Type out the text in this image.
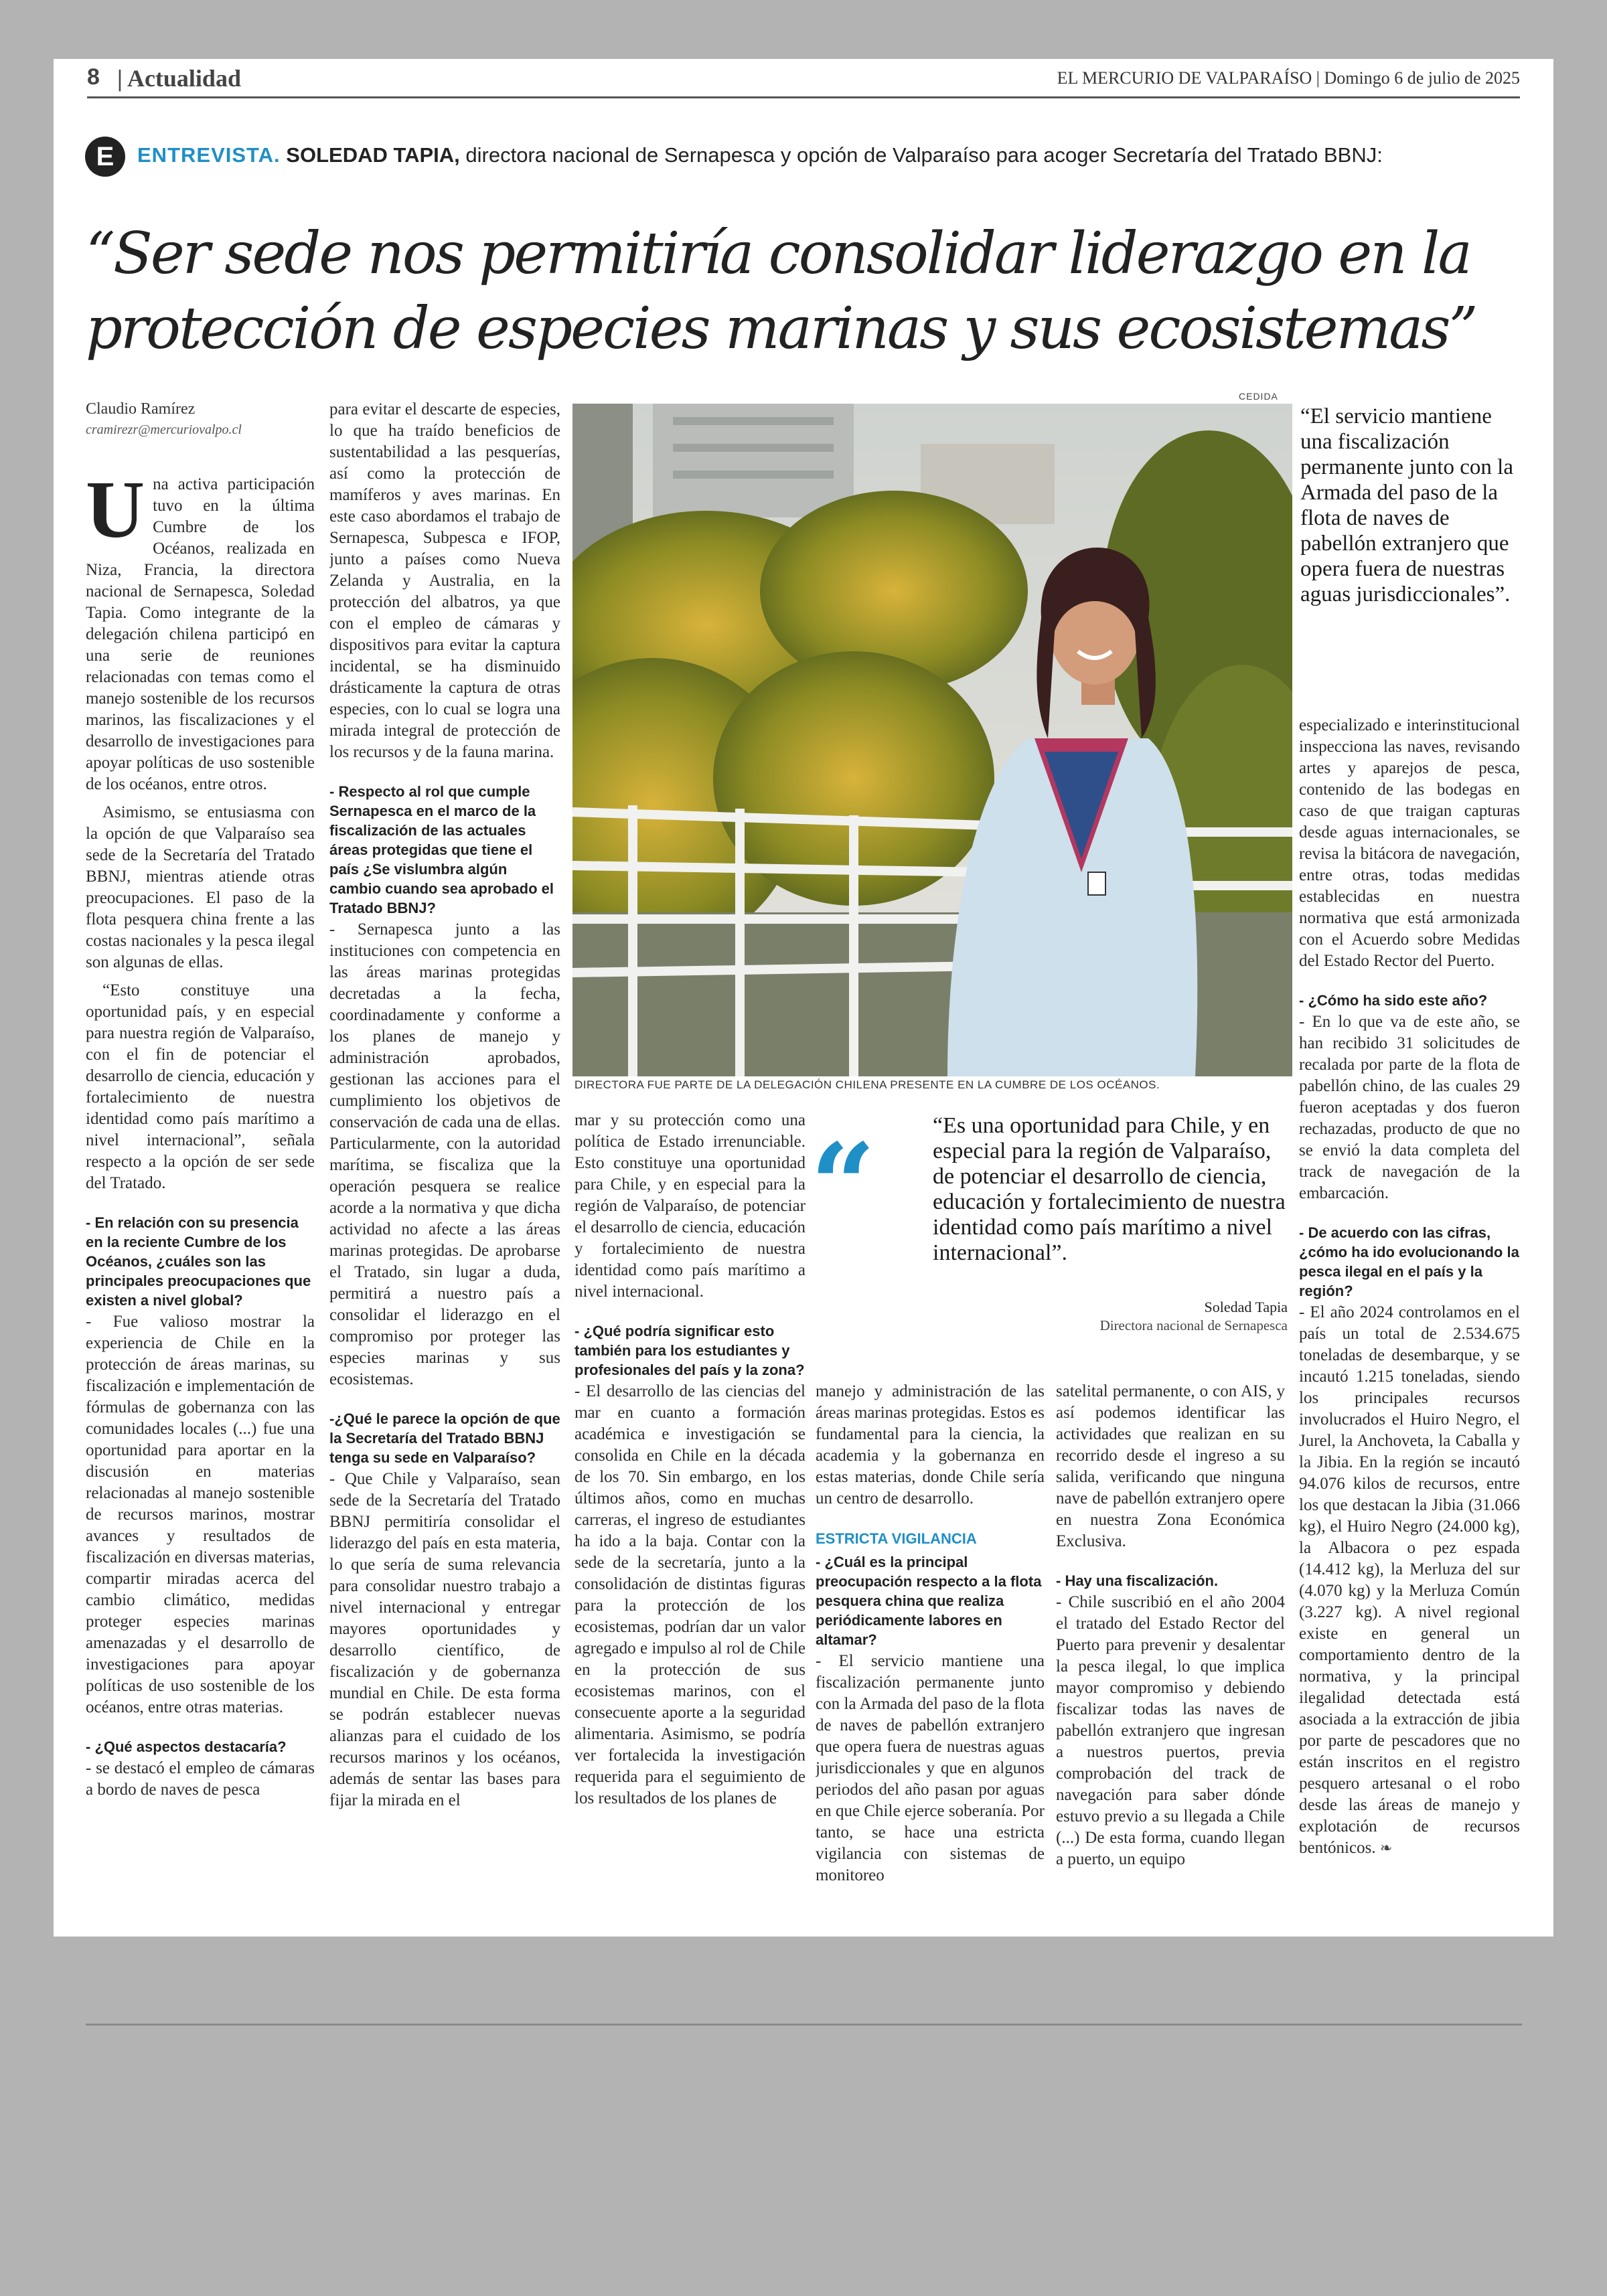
8 | Actualidad	EL MERCURIO DE VALPARAÍSO | Domingo 6 de julio de 2025
E	ENTREVISTA. SOLEDAD TAPIA, directora nacional de Sernapesca y opción de Valparaíso para acoger Secretaría del Tratado BBNJ:
“Ser sede nos permitiría consolidar liderazgo en la
protección de especies marinas y sus ecosistemas”
Claudio Ramírez
cramirezr@mercuriovalpo.cl

Una activa participación tuvo en la última Cumbre de los Océanos, realizada en Niza, Francia, la directora nacional de Sernapesca, Soledad Tapia. Como integrante de la delegación chilena participó en una serie de reuniones relacionadas con temas como el manejo sostenible de los recursos marinos, las fiscalizaciones y el desarrollo de investigaciones para apoyar políticas de uso sostenible de los océanos, entre otros.

Asimismo, se entusiasma con la opción de que Valparaíso sea sede de la Secretaría del Tratado BBNJ, mientras atiende otras preocupaciones. El paso de la flota pesquera china frente a las costas nacionales y la pesca ilegal son algunas de ellas.

“Esto constituye una oportunidad país, y en especial para nuestra región de Valparaíso, con el fin de potenciar el desarrollo de ciencia, educación y fortalecimiento de nuestra identidad como país marítimo a nivel internacional”, señala respecto a la opción de ser sede del Tratado.

- En relación con su presencia en la reciente Cumbre de los Océanos, ¿cuáles son las principales preocupaciones que existen a nivel global?

- Fue valioso mostrar la experiencia de Chile en la protección de áreas marinas, su fiscalización e implementación de fórmulas de gobernanza con las comunidades locales (...) fue una oportunidad para aportar en la discusión en materias relacionadas al manejo sostenible de recursos marinos, mostrar avances y resultados de fiscalización en diversas materias, compartir miradas acerca del cambio climático, medidas proteger especies marinas amenazadas y el desarrollo de investigaciones para apoyar políticas de uso sostenible de los océanos, entre otras materias.

- ¿Qué aspectos destacaría?

- se destacó el empleo de cámaras a bordo de naves de pesca

para evitar el descarte de especies, lo que ha traído beneficios de sustentabilidad a las pesquerías, así como la protección de mamíferos y aves marinas. En este caso abordamos el trabajo de Sernapesca, Subpesca e IFOP, junto a países como Nueva Zelanda y Australia, en la protección del albatros, ya que con el empleo de cámaras y dispositivos para evitar la captura incidental, se ha disminuido drásticamente la captura de otras especies, con lo cual se logra una mirada integral de protección de los recursos y de la fauna marina.

- Respecto al rol que cumple Sernapesca en el marco de la fiscalización de las actuales áreas protegidas que tiene el país ¿Se vislumbra algún cambio cuando sea aprobado el Tratado BBNJ?

- Sernapesca junto a las instituciones con competencia en las áreas marinas protegidas decretadas a la fecha, coordinadamente y conforme a los planes de manejo y administración aprobados, gestionan las acciones para el cumplimiento los objetivos de conservación de cada una de ellas. Particularmente, con la autoridad marítima, se fiscaliza que la operación pesquera se realice acorde a la normativa y que dicha actividad no afecte a las áreas marinas protegidas. De aprobarse el Tratado, sin lugar a duda, permitirá a nuestro país a consolidar el liderazgo en el compromiso por proteger las especies marinas y sus ecosistemas.

-¿Qué le parece la opción de que la Secretaría del Tratado BBNJ tenga su sede en Valparaíso?

- Que Chile y Valparaíso, sean sede de la Secretaría del Tratado BBNJ permitiría consolidar el liderazgo del país en esta materia, lo que sería de suma relevancia para consolidar nuestro trabajo a nivel internacional y entregar mayores oportunidades y desarrollo científico, de fiscalización y de gobernanza mundial en Chile. De esta forma se podrán establecer nuevas alianzas para el cuidado de los recursos marinos y los océanos, además de sentar las bases para fijar la mirada en el

CEDIDA
DIRECTORA FUE PARTE DE LA DELEGACIÓN CHILENA PRESENTE EN LA CUMBRE DE LOS OCÉANOS.

“El servicio mantiene una fiscalización permanente junto con la Armada del paso de la flota de naves de pabellón extranjero que opera fuera de nuestras aguas jurisdiccionales”.

mar y su protección como una política de Estado irrenunciable. Esto constituye una oportunidad para Chile, y en especial para la región de Valparaíso, de potenciar el desarrollo de ciencia, educación y fortalecimiento de nuestra identidad como país marítimo a nivel internacional.

- ¿Qué podría significar esto también para los estudiantes y profesionales del país y la zona?

- El desarrollo de las ciencias del mar en cuanto a formación académica e investigación se consolida en Chile en la década de los 70. Sin embargo, en los últimos años, como en muchas carreras, el ingreso de estudiantes ha ido a la baja. Contar con la sede de la secretaría, junto a la consolidación de distintas figuras para la protección de los ecosistemas, podrían dar un valor agregado e impulso al rol de Chile en la protección de sus ecosistemas marinos, con el consecuente aporte a la seguridad alimentaria. Asimismo, se podría ver fortalecida la investigación requerida para el seguimiento de los resultados de los planes de

“	“Es una oportunidad para Chile, y en especial para la región de Valparaíso, de potenciar el desarrollo de ciencia, educación y fortalecimiento de nuestra identidad como país marítimo a nivel internacional”.

Soledad Tapia
Directora nacional de Sernapesca

manejo y administración de las áreas marinas protegidas. Estos es fundamental para la ciencia, la academia y la gobernanza en estas materias, donde Chile sería un centro de desarrollo.

ESTRICTA VIGILANCIA

- ¿Cuál es la principal preocupación respecto a la flota pesquera china que realiza periódicamente labores en altamar?

- El servicio mantiene una fiscalización permanente junto con la Armada del paso de la flota de naves de pabellón extranjero que opera fuera de nuestras aguas jurisdiccionales y que en algunos periodos del año pasan por aguas en que Chile ejerce soberanía. Por tanto, se hace una estricta vigilancia con sistemas de monitoreo

satelital permanente, o con AIS, y así podemos identificar las actividades que realizan en su recorrido desde el ingreso a su salida, verificando que ninguna nave de pabellón extranjero opere en nuestra Zona Económica Exclusiva.

- Hay una fiscalización.

- Chile suscribió en el año 2004 el tratado del Estado Rector del Puerto para prevenir y desalentar la pesca ilegal, lo que implica mayor compromiso y debiendo fiscalizar todas las naves de pabellón extranjero que ingresan a nuestros puertos, previa comprobación del track de navegación para saber dónde estuvo previo a su llegada a Chile (...) De esta forma, cuando llegan a puerto, un equipo

especializado e interinstitucional inspecciona las naves, revisando artes y aparejos de pesca, contenido de las bodegas en caso de que traigan capturas desde aguas internacionales, se revisa la bitácora de navegación, entre otras, todas medidas establecidas en nuestra normativa que está armonizada con el Acuerdo sobre Medidas del Estado Rector del Puerto.

- ¿Cómo ha sido este año?

- En lo que va de este año, se han recibido 31 solicitudes de recalada por parte de la flota de pabellón chino, de las cuales 29 fueron aceptadas y dos fueron rechazadas, producto de que no se envió la data completa del track de navegación de la embarcación.

- De acuerdo con las cifras, ¿cómo ha ido evolucionando la pesca ilegal en el país y la región?

- El año 2024 controlamos en el país un total de 2.534.675 toneladas de desembarque, y se incautó 1.215 toneladas, siendo los principales recursos involucrados el Huiro Negro, el Jurel, la Anchoveta, la Caballa y la Jibia. En la región se incautó 94.076 kilos de recursos, entre los que destacan la Jibia (31.066 kg), el Huiro Negro (24.000 kg), la Albacora o pez espada (14.412 kg), la Merluza del sur (4.070 kg) y la Merluza Común (3.227 kg). A nivel regional existe en general un comportamiento dentro de la normativa, y la principal ilegalidad detectada está asociada a la extracción de jibia por parte de pescadores que no están inscritos en el registro pesquero artesanal o el robo desde las áreas de manejo y explotación de recursos bentónicos. ❧
